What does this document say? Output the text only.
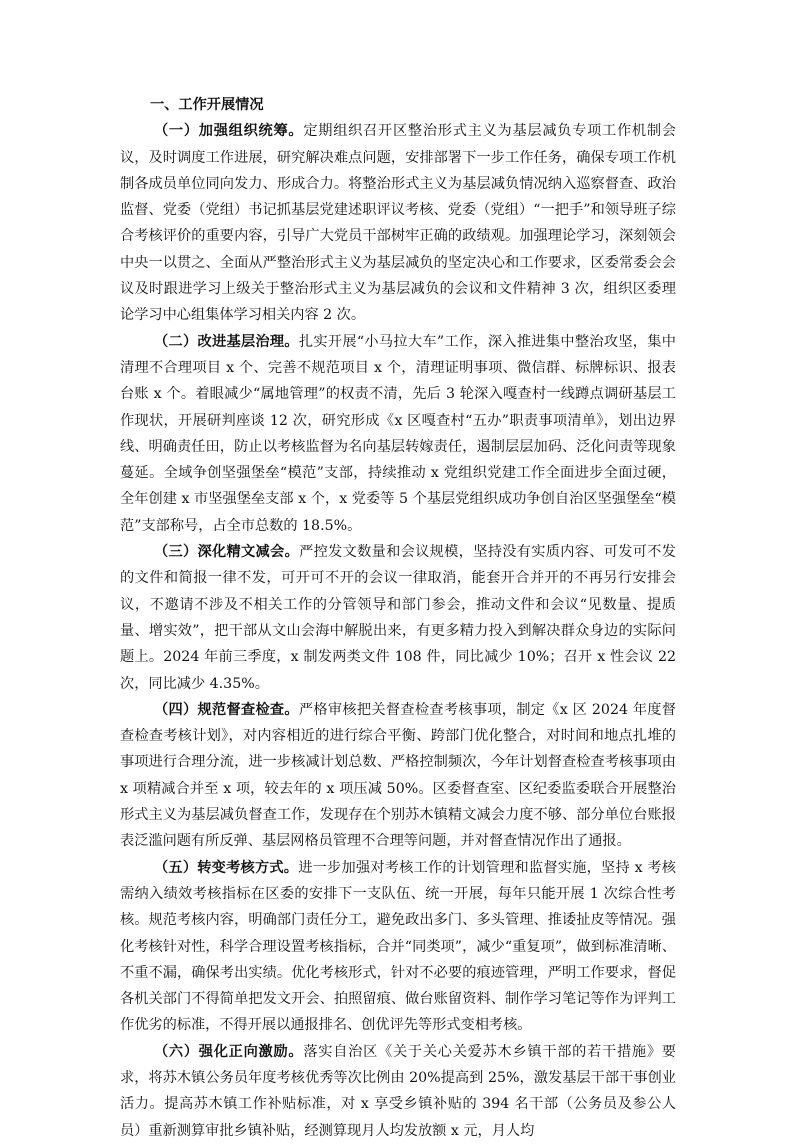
一、工作开展情况

（一）加强组织统筹。定期组织召开区整治形式主义为基层减负专项工作机制会议，及时调度工作进展，研究解决难点问题，安排部署下一步工作任务，确保专项工作机制各成员单位同向发力、形成合力。将整治形式主义为基层减负情况纳入巡察督查、政治监督、党委（党组）书记抓基层党建述职评议考核、党委（党组）“一把手”和领导班子综合考核评价的重要内容，引导广大党员干部树牢正确的政绩观。加强理论学习，深刻领会中央一以贯之、全面从严整治形式主义为基层减负的坚定决心和工作要求，区委常委会会议及时跟进学习上级关于整治形式主义为基层减负的会议和文件精神 3 次，组织区委理论学习中心组集体学习相关内容 2 次。

（二）改进基层治理。扎实开展“小马拉大车”工作，深入推进集中整治攻坚，集中清理不合理项目 x 个、完善不规范项目 x 个，清理证明事项、微信群、标牌标识、报表台账 x 个。着眼减少“属地管理”的权责不清，先后 3 轮深入嘎查村一线蹲点调研基层工作现状，开展研判座谈 12 次，研究形成《x 区嘎查村“五办”职责事项清单》，划出边界线、明确责任田，防止以考核监督为名向基层转嫁责任，遏制层层加码、泛化问责等现象蔓延。全域争创坚强堡垒“模范”支部，持续推动 x 党组织党建工作全面进步全面过硬，全年创建 x 市坚强堡垒支部 x 个，x 党委等 5 个基层党组织成功争创自治区坚强堡垒“模范”支部称号，占全市总数的 18.5%。

（三）深化精文减会。严控发文数量和会议规模，坚持没有实质内容、可发可不发的文件和简报一律不发，可开可不开的会议一律取消，能套开合并开的不再另行安排会议，不邀请不涉及不相关工作的分管领导和部门参会，推动文件和会议“见数量、提质量、增实效”，把干部从文山会海中解脱出来，有更多精力投入到解决群众身边的实际问题上。2024 年前三季度，x 制发两类文件 108 件，同比减少 10%；召开 x 性会议 22 次，同比减少 4.35%。

（四）规范督查检查。严格审核把关督查检查考核事项，制定《x 区 2024 年度督查检查考核计划》，对内容相近的进行综合平衡、跨部门优化整合，对时间和地点扎堆的事项进行合理分流，进一步核减计划总数、严格控制频次，今年计划督查检查考核事项由 x 项精减合并至 x 项，较去年的 x 项压减 50%。区委督查室、区纪委监委联合开展整治形式主义为基层减负督查工作，发现存在个别苏木镇精文减会力度不够、部分单位台账报表泛滥问题有所反弹、基层网格员管理不合理等问题，并对督查情况作出了通报。

（五）转变考核方式。进一步加强对考核工作的计划管理和监督实施，坚持 x 考核需纳入绩效考核指标在区委的安排下一支队伍、统一开展，每年只能开展 1 次综合性考核。规范考核内容，明确部门责任分工，避免政出多门、多头管理、推诿扯皮等情况。强化考核针对性，科学合理设置考核指标，合并“同类项”，减少“重复项”，做到标准清晰、不重不漏，确保考出实绩。优化考核形式，针对不必要的痕迹管理，严明工作要求，督促各机关部门不得简单把发文开会、拍照留痕、做台账留资料、制作学习笔记等作为评判工作优劣的标准，不得开展以通报排名、创优评先等形式变相考核。

（六）强化正向激励。落实自治区《关于关心关爱苏木乡镇干部的若干措施》要求，将苏木镇公务员年度考核优秀等次比例由 20%提高到 25%，激发基层干部干事创业活力。提高苏木镇工作补贴标准，对 x 享受乡镇补贴的 394 名干部（公务员及参公人员）重新测算审批乡镇补贴，经测算现月人均发放额 x 元，月人均
